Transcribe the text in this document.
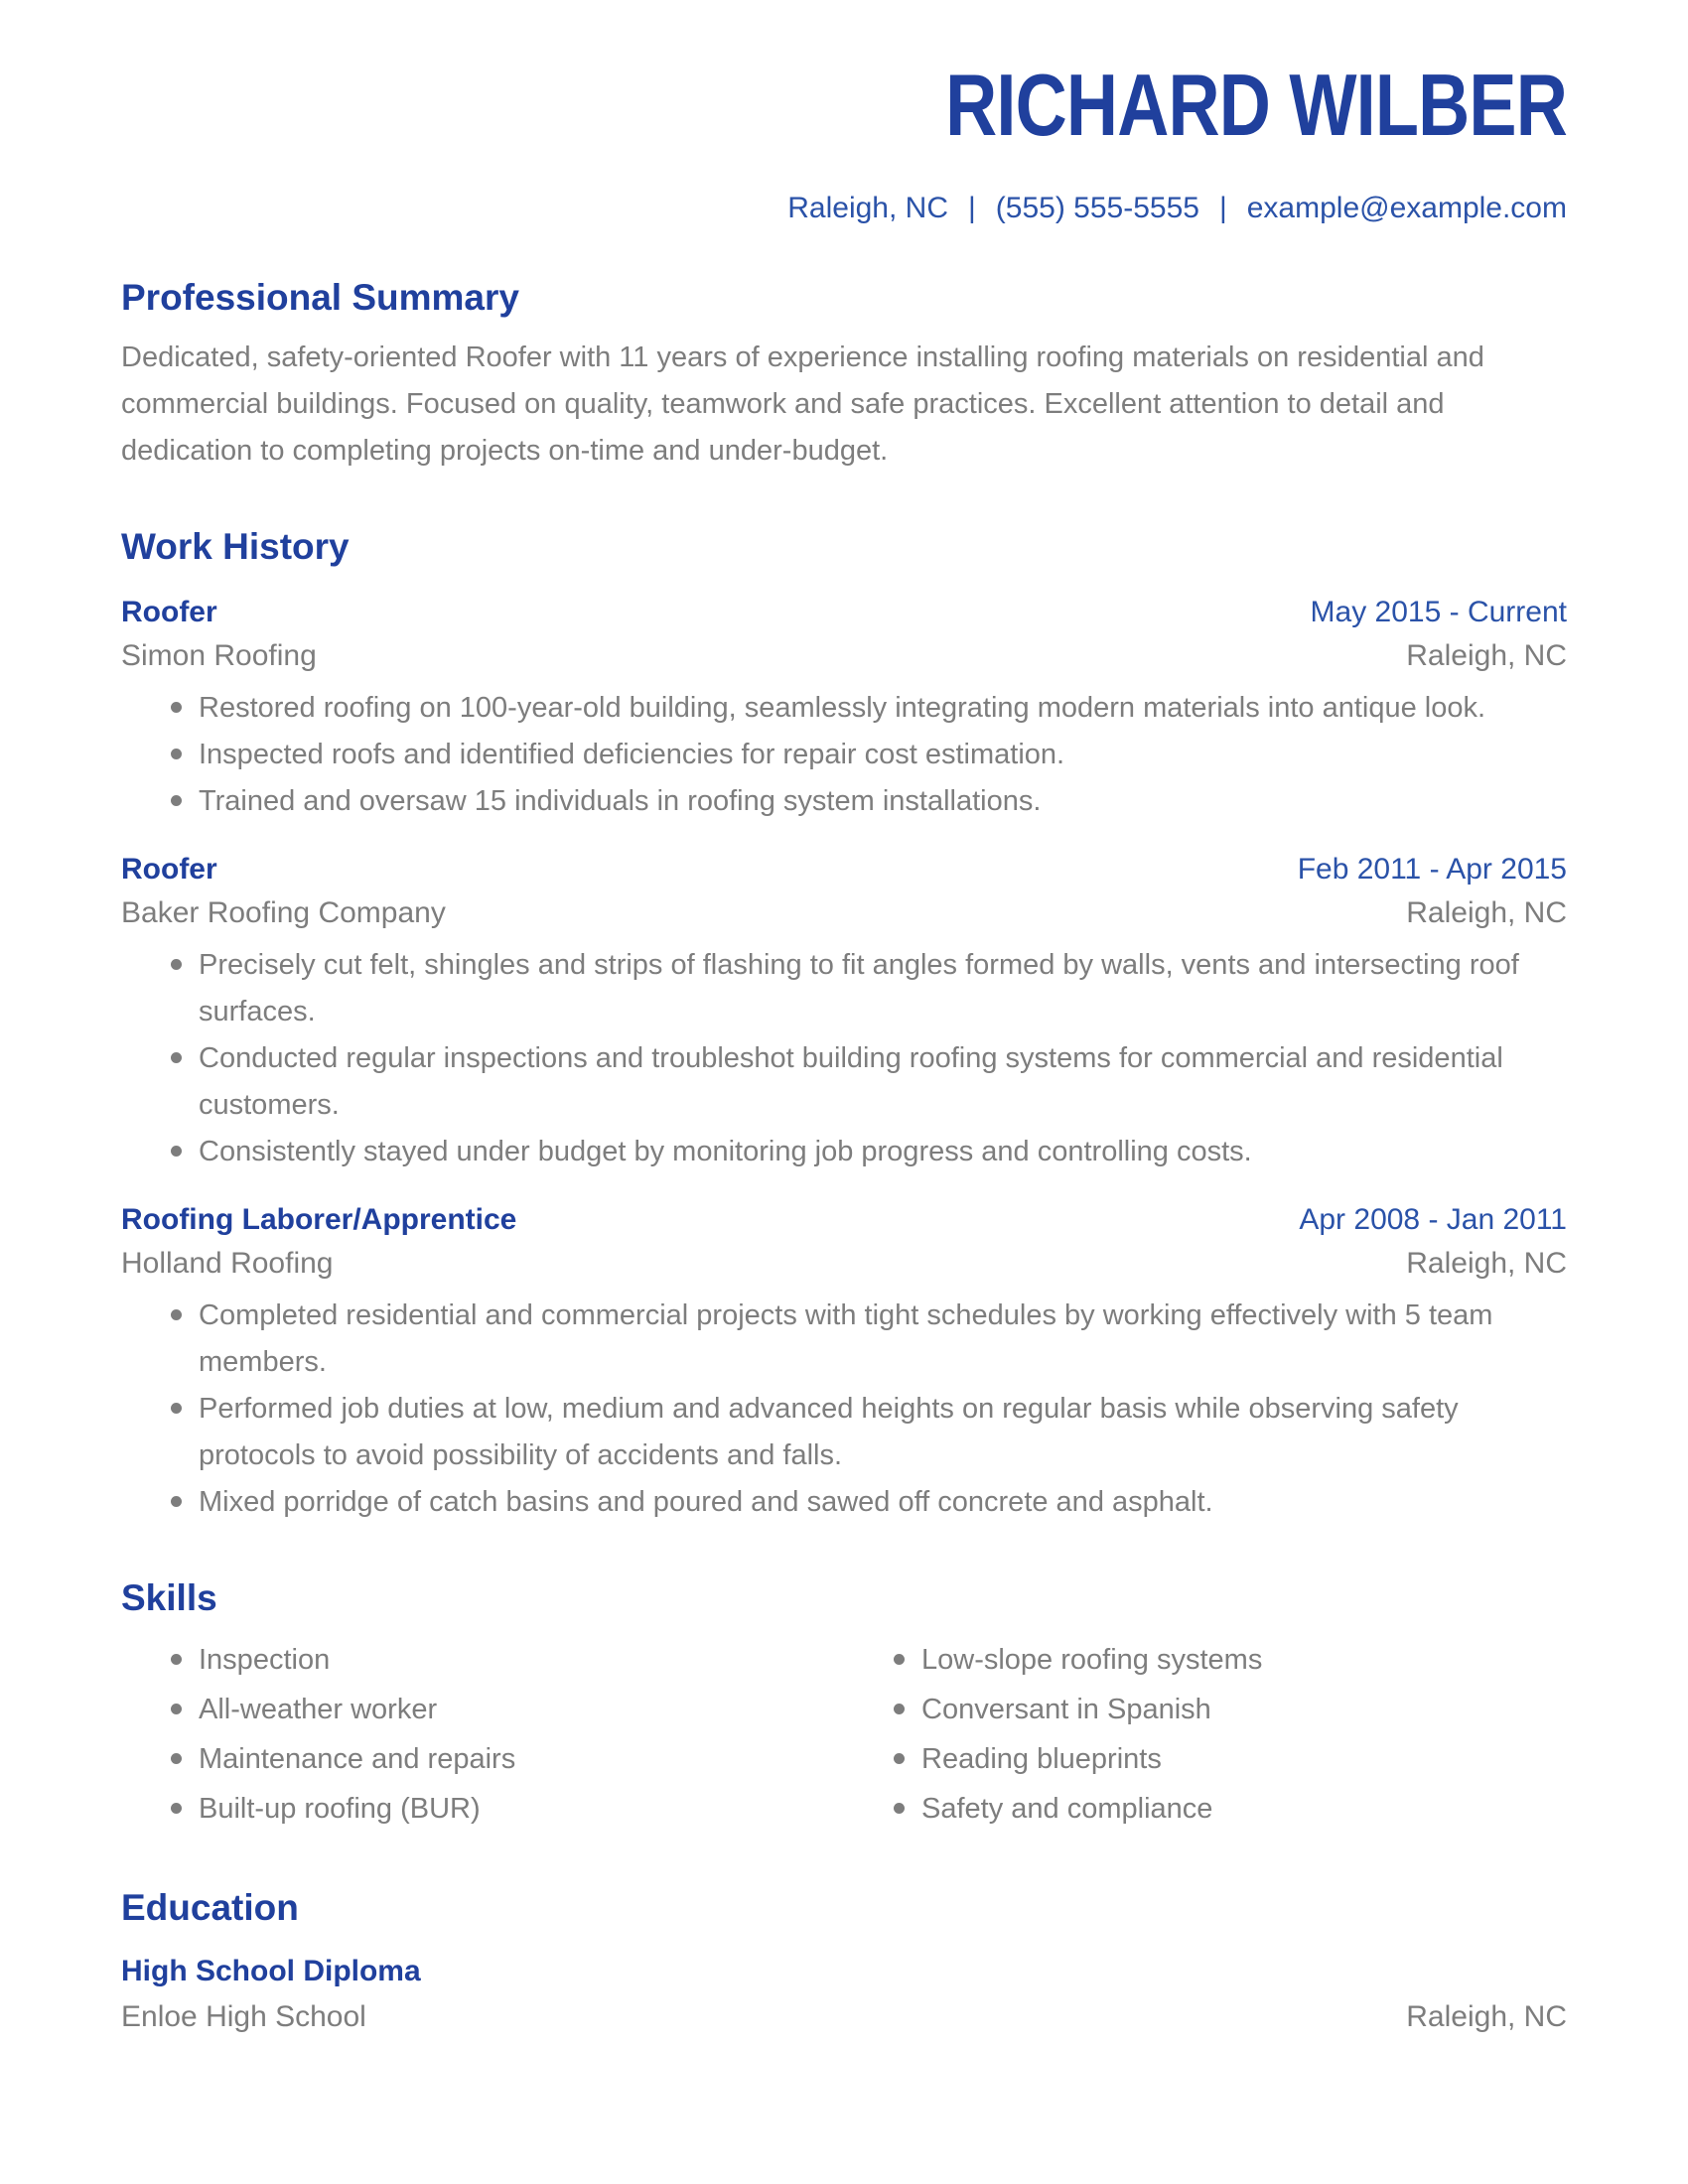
RICHARD WILBER
Raleigh, NC | (555) 555-5555 | example@example.com
Professional Summary

Dedicated, safety-oriented Roofer with 11 years of experience installing roofing materials on residential and commercial buildings. Focused on quality, teamwork and safe practices. Excellent attention to detail and dedication to completing projects on-time and under-budget.

Work History
Roofer	May 2015 - Current
Simon Roofing	Raleigh, NC
Restored roofing on 100-year-old building, seamlessly integrating modern materials into antique look.
Inspected roofs and identified deficiencies for repair cost estimation.
Trained and oversaw 15 individuals in roofing system installations.
Roofer	Feb 2011 - Apr 2015
Baker Roofing Company	Raleigh, NC
Precisely cut felt, shingles and strips of flashing to fit angles formed by walls, vents and intersecting roof surfaces.
Conducted regular inspections and troubleshot building roofing systems for commercial and residential customers.
Consistently stayed under budget by monitoring job progress and controlling costs.
Roofing Laborer/Apprentice	Apr 2008 - Jan 2011
Holland Roofing	Raleigh, NC
Completed residential and commercial projects with tight schedules by working effectively with 5 team members.
Performed job duties at low, medium and advanced heights on regular basis while observing safety protocols to avoid possibility of accidents and falls.
Mixed porridge of catch basins and poured and sawed off concrete and asphalt.
Skills
Inspection
All-weather worker
Maintenance and repairs
Built-up roofing (BUR)
Low-slope roofing systems
Conversant in Spanish
Reading blueprints
Safety and compliance
Education
High School Diploma
Enloe High School	Raleigh, NC
